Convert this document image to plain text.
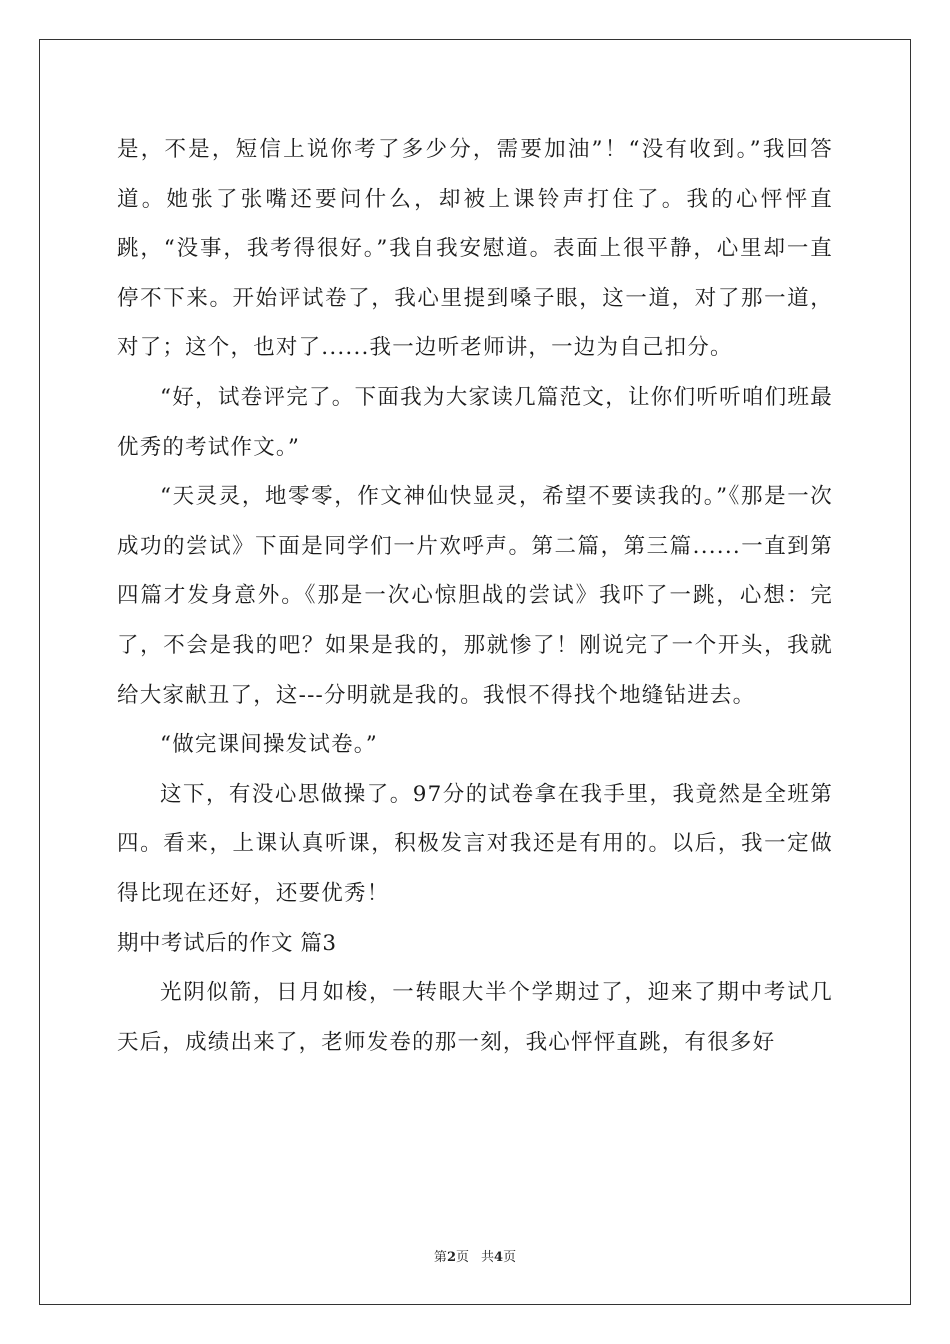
是，不是，短信上说你考了多少分，需要加油”！“没有收到。”我回答道。她张了张嘴还要问什么，却被上课铃声打住了。我的心怦怦直跳，“没事，我考得很好。”我自我安慰道。表面上很平静，心里却一直停不下来。开始评试卷了，我心里提到嗓子眼，这一道，对了那一道，对了；这个，也对了......我一边听老师讲，一边为自己扣分。

“好，试卷评完了。下面我为大家读几篇范文，让你们听听咱们班最优秀的考试作文。”

“天灵灵，地零零，作文神仙快显灵，希望不要读我的。”《那是一次成功的尝试》下面是同学们一片欢呼声。第二篇，第三篇......一直到第四篇才发身意外。《那是一次心惊胆战的尝试》我吓了一跳，心想：完了，不会是我的吧？如果是我的，那就惨了！刚说完了一个开头，我就给大家献丑了，这---分明就是我的。我恨不得找个地缝钻进去。

“做完课间操发试卷。”

这下，有没心思做操了。97分的试卷拿在我手里，我竟然是全班第四。看来，上课认真听课，积极发言对我还是有用的。以后，我一定做得比现在还好，还要优秀！

期中考试后的作文 篇3

光阴似箭，日月如梭，一转眼大半个学期过了，迎来了期中考试几天后，成绩出来了，老师发卷的那一刻，我心怦怦直跳，有很多好

第2页 共4页
